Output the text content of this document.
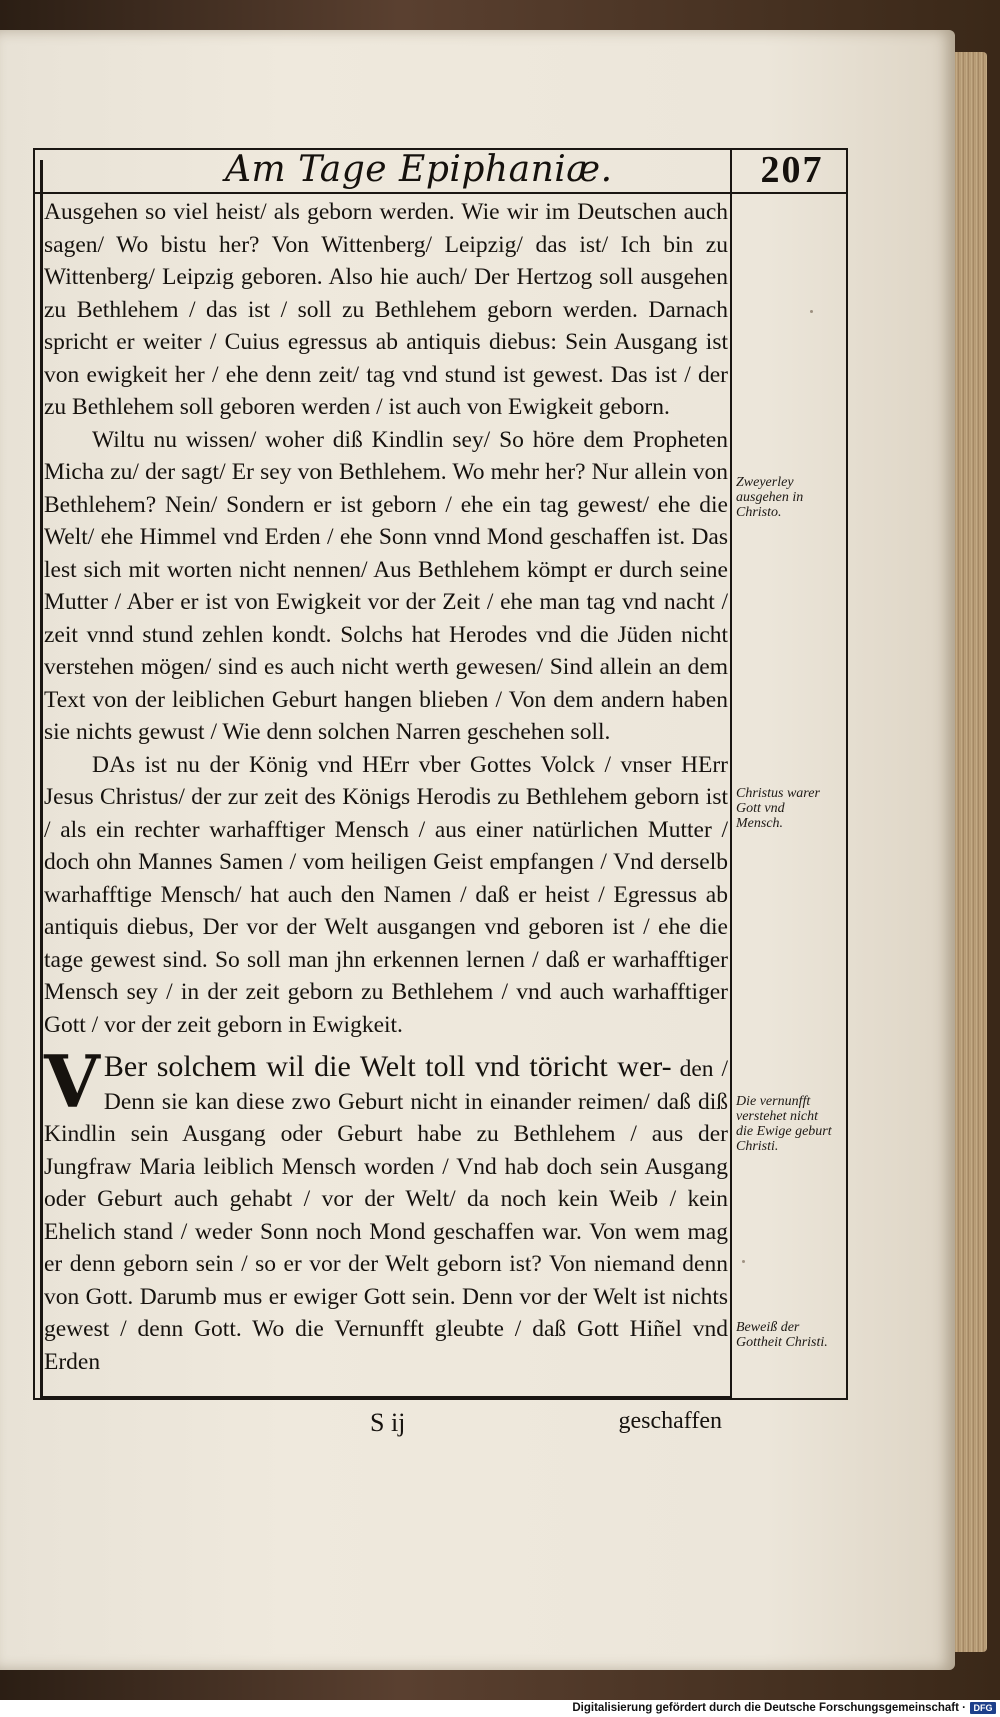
Am Tage Epiphaniæ.	207

Ausgehen so viel heist/ als geborn werden. Wie wir im Deutschen auch sagen/ Wo bistu her? Von Wittenberg/ Leipzig/ das ist/ Ich bin zu Wittenberg/ Leipzig geboren. Also hie auch/ Der Hertzog soll ausgehen zu Bethlehem / das ist / soll zu Bethlehem geborn werden. Darnach spricht er weiter / Cuius egressus ab antiquis diebus: Sein Ausgang ist von ewigkeit her / ehe denn zeit/ tag vnd stund ist gewest. Das ist / der zu Bethlehem soll geboren werden / ist auch von Ewigkeit geborn.

Wiltu nu wissen/ woher diß Kindlin sey/ So höre dem Propheten Micha zu/ der sagt/ Er sey von Bethlehem. Wo mehr her? Nur allein von Bethlehem? Nein/ Sondern er ist geborn / ehe ein tag gewest/ ehe die Welt/ ehe Himmel vnd Erden / ehe Sonn vnnd Mond geschaffen ist. Das lest sich mit worten nicht nennen/ Aus Bethlehem kömpt er durch seine Mutter / Aber er ist von Ewigkeit vor der Zeit / ehe man tag vnd nacht / zeit vnnd stund zehlen kondt. Solchs hat Herodes vnd die Jüden nicht verstehen mögen/ sind es auch nicht werth gewesen/ Sind allein an dem Text von der leiblichen Geburt hangen blieben / Von dem andern haben sie nichts gewust / Wie denn solchen Narren geschehen soll.

DAs ist nu der König vnd HErr vber Gottes Volck / vnser HErr Jesus Christus/ der zur zeit des Königs Herodis zu Bethlehem geborn ist / als ein rechter warhafftiger Mensch / aus einer natürlichen Mutter / doch ohn Mannes Samen / vom heiligen Geist empfangen / Vnd derselb warhafftige Mensch/ hat auch den Namen / daß er heist / Egressus ab antiquis diebus, Der vor der Welt ausgangen vnd geboren ist / ehe die tage gewest sind. So soll man jhn erkennen lernen / daß er warhafftiger Mensch sey / in der zeit geborn zu Bethlehem / vnd auch warhafftiger Gott / vor der zeit geborn in Ewigkeit.

V Ber solchem wil die Welt toll vnd töricht wer- den / Denn sie kan diese zwo Geburt nicht in einander reimen/ daß diß Kindlin sein Ausgang oder Geburt habe zu Bethlehem / aus der Jungfraw Maria leiblich Mensch worden / Vnd hab doch sein Ausgang oder Geburt auch gehabt / vor der Welt/ da noch kein Weib / kein Ehelich stand / weder Sonn noch Mond geschaffen war. Von wem mag er denn geborn sein / so er vor der Welt geborn ist? Von niemand denn von Gott. Darumb mus er ewiger Gott sein. Denn vor der Welt ist nichts gewest / denn Gott. Wo die Vernunfft gleubte / daß Gott Hiñel vnd Erden

Zweyerley ausgehen in Christo.
Christus warer Gott vnd Mensch.
Die vernunfft verstehet nicht die Ewige geburt Christi.
Beweiß der Gottheit Christi.
S ij	geschaffen
Digitalisierung gefördert durch die Deutsche Forschungsgemeinschaft · DFG
